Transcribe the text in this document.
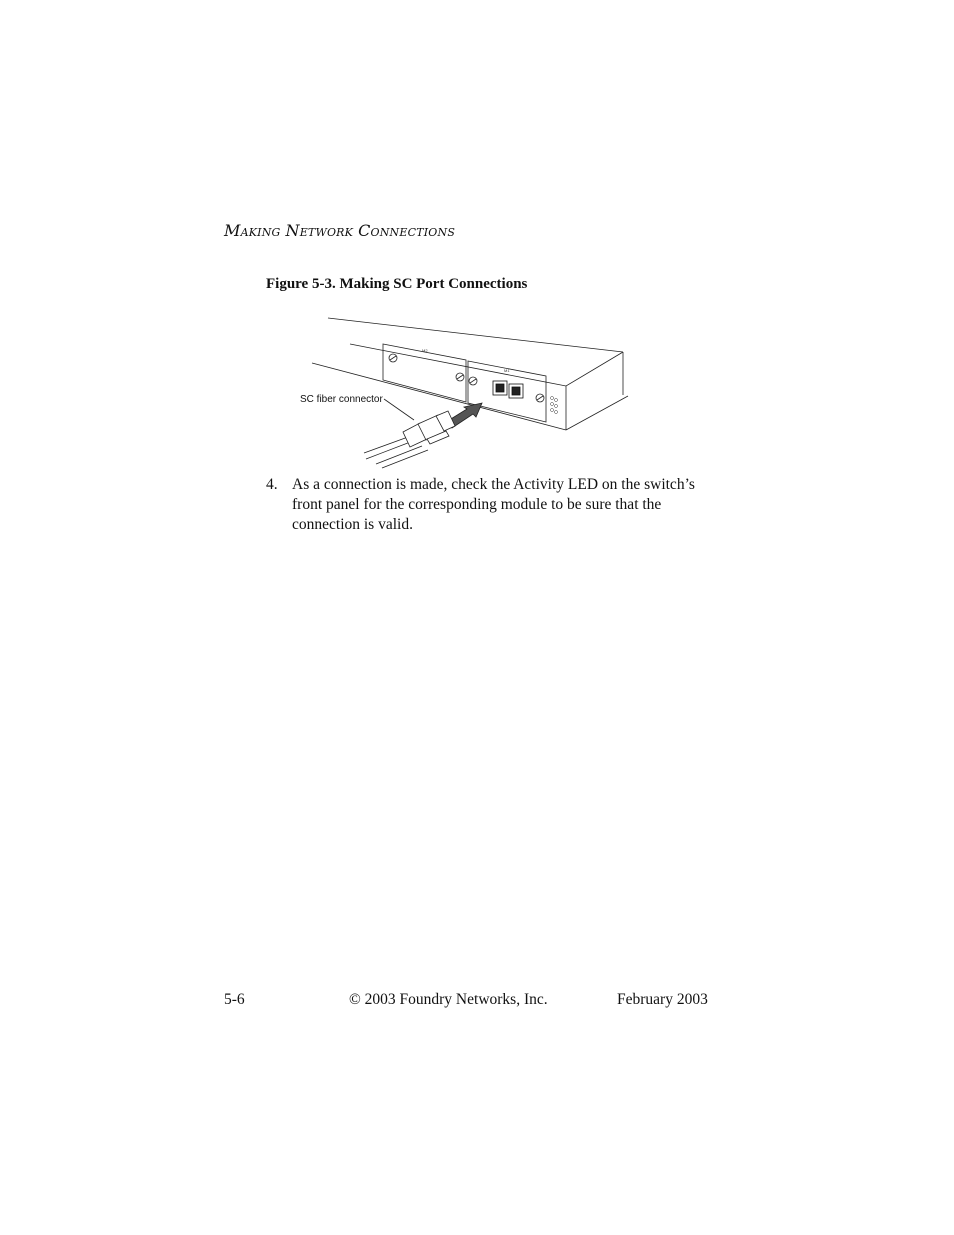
MAKING NETWORK CONNECTIONS
Figure 5-3. Making SC Port Connections
M2
M1
SC fiber connector
4. As a connection is made, check the Activity LED on the switch’s front panel for the corresponding module to be sure that the connection is valid.
5-6	© 2003 Foundry Networks, Inc.	February 2003
